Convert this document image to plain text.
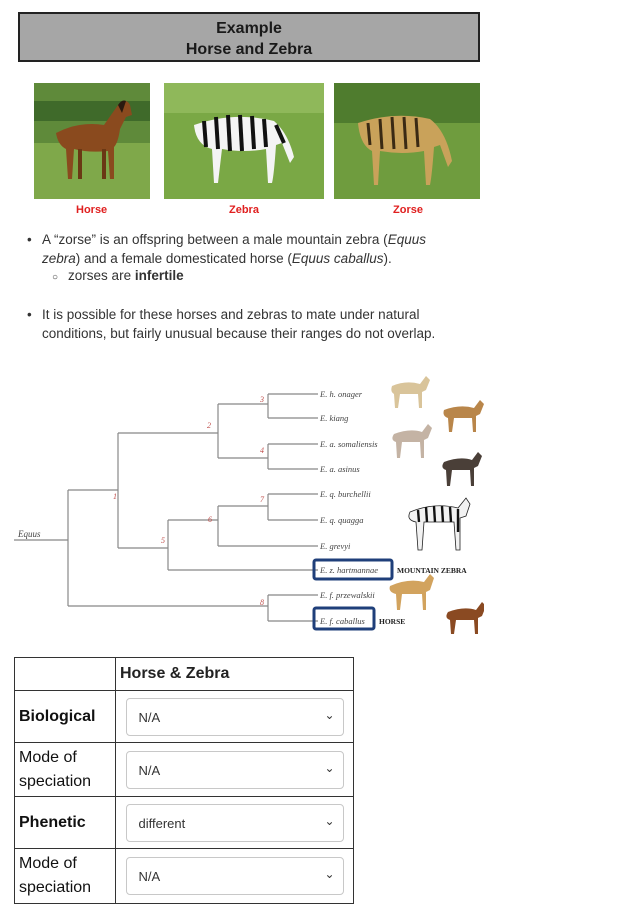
Example
Horse and Zebra
Horse	Zebra	Zorse
• A “zorse” is an offspring between a male mountain zebra (Equus
zebra) and a female domesticated horse (Equus caballus).
○ zorses are infertile
• It is possible for these horses and zebras to mate under natural
conditions, but fairly unusual because their ranges do not overlap.
1
2
3
4
5
6
7
8
Equus
E. h. onager
E. kiang
E. a. somaliensis
E. a. asinus
E. q. burchellii
E. q. quagga
E. grevyi
E. z. hartmannae
E. f. przewalskii
E. f. caballus
MOUNTAIN ZEBRA
HORSE
	Horse & Zebra
Biological	N/A ⌄

Mode of speciation	N/A ⌄

Phenetic	different ⌄

Mode of speciation	N/A ⌄
